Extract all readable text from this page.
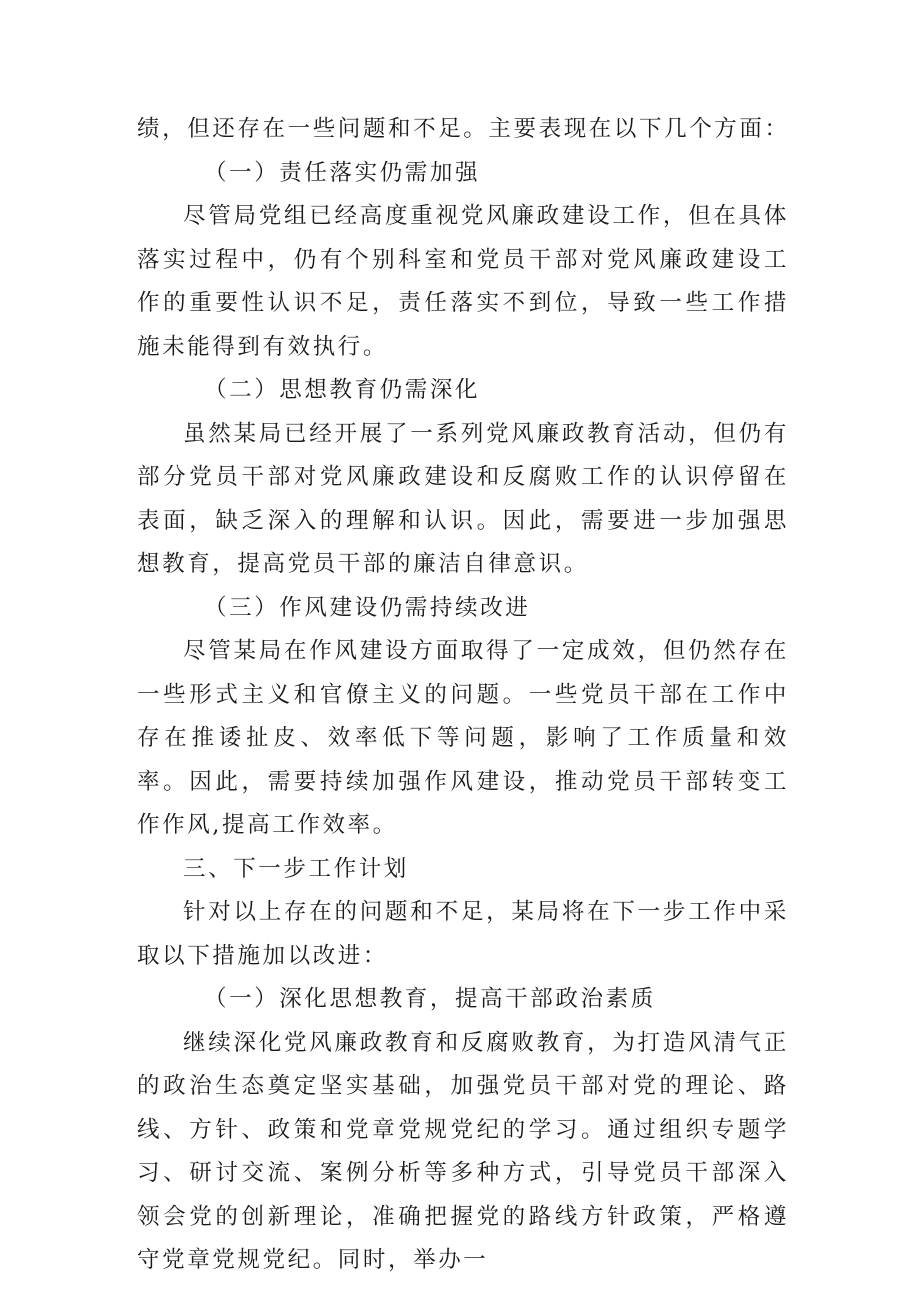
绩，但还存在一些问题和不足。主要表现在以下几个方面：
（一）责任落实仍需加强

尽管局党组已经高度重视党风廉政建设工作，但在具体落实过程中，仍有个别科室和党员干部对党风廉政建设工作的重要性认识不足，责任落实不到位，导致一些工作措施未能得到有效执行。

（二）思想教育仍需深化

虽然某局已经开展了一系列党风廉政教育活动，但仍有部分党员干部对党风廉政建设和反腐败工作的认识停留在表面，缺乏深入的理解和认识。因此，需要进一步加强思想教育，提高党员干部的廉洁自律意识。

（三）作风建设仍需持续改进

尽管某局在作风建设方面取得了一定成效，但仍然存在一些形式主义和官僚主义的问题。一些党员干部在工作中存在推诿扯皮、效率低下等问题，影响了工作质量和效率。因此，需要持续加强作风建设，推动党员干部转变工作作风,提高工作效率。

三、下一步工作计划

针对以上存在的问题和不足，某局将在下一步工作中采取以下措施加以改进：

（一）深化思想教育，提高干部政治素质

继续深化党风廉政教育和反腐败教育，为打造风清气正的政治生态奠定坚实基础，加强党员干部对党的理论、路线、方针、政策和党章党规党纪的学习。通过组织专题学习、研讨交流、案例分析等多种方式，引导党员干部深入领会党的创新理论，准确把握党的路线方针政策，严格遵守党章党规党纪。同时，举办一
